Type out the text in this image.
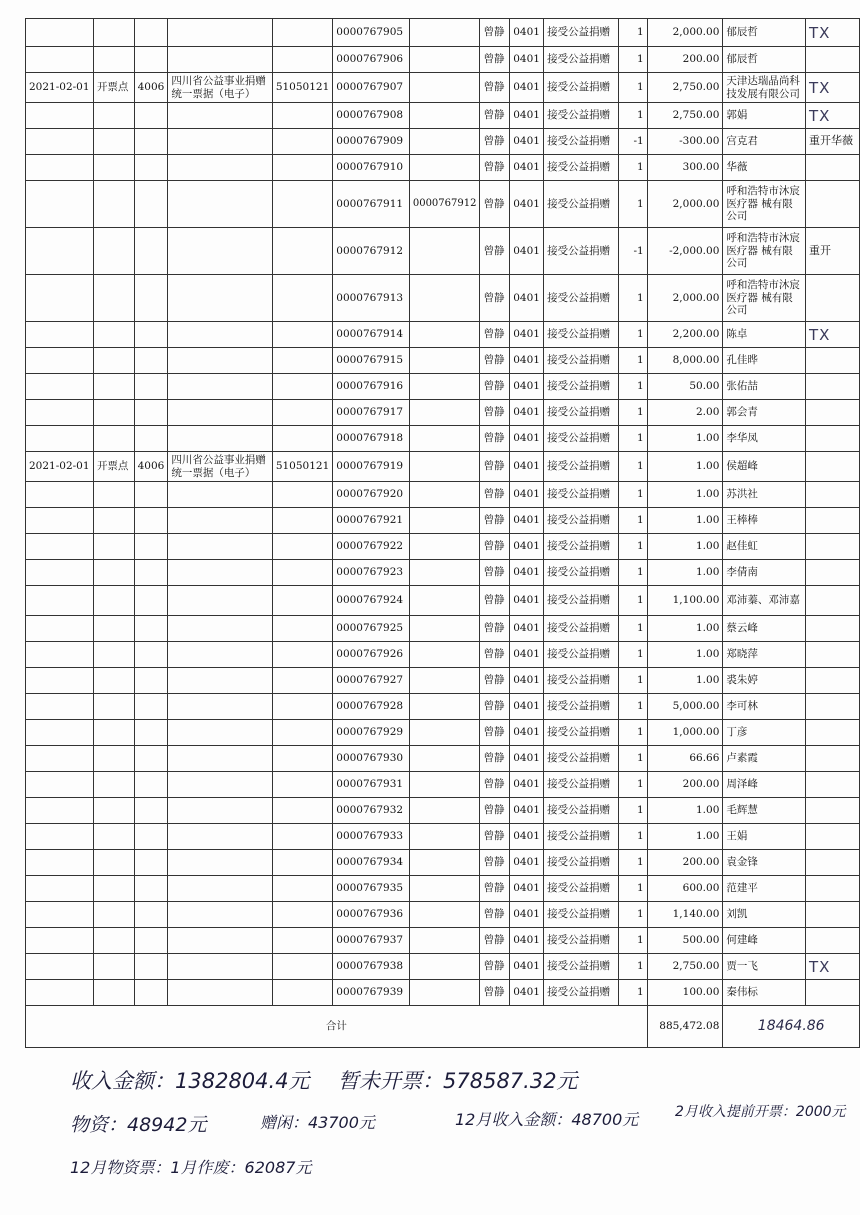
					0000767905		曾静	0401	接受公益捐赠	1	2,000.00	郁辰哲	TX
					0000767906		曾静	0401	接受公益捐赠	1	200.00	郁辰哲	

2021-02-01	开票点	4006	四川省公益事业捐赠统一票据（电子）	51050121	0000767907		曾静	0401	接受公益捐赠	1	2,750.00	天津达瑞晶尚科技发展有限公司	TX
					0000767908		曾静	0401	接受公益捐赠	1	2,750.00	郭娟	TX
					0000767909		曾静	0401	接受公益捐赠	-1	-300.00	宫克君	重开华薇
					0000767910		曾静	0401	接受公益捐赠	1	300.00	华薇	

					0000767911	0000767912	曾静	0401	接受公益捐赠	1	2,000.00	呼和浩特市沐宸医疗器 械有限公司	
					0000767912		曾静	0401	接受公益捐赠	-1	-2,000.00	呼和浩特市沐宸医疗器 械有限公司	重开
					0000767913		曾静	0401	接受公益捐赠	1	2,000.00	呼和浩特市沐宸医疗器 械有限公司	
					0000767914		曾静	0401	接受公益捐赠	1	2,200.00	陈卓	TX
					0000767915		曾静	0401	接受公益捐赠	1	8,000.00	孔佳晔	

					0000767916		曾静	0401	接受公益捐赠	1	50.00	张佑喆	

					0000767917		曾静	0401	接受公益捐赠	1	2.00	郭会青	

					0000767918		曾静	0401	接受公益捐赠	1	1.00	李华凤	

2021-02-01	开票点	4006	四川省公益事业捐赠统一票据（电子）	51050121	0000767919		曾静	0401	接受公益捐赠	1	1.00	侯超峰	

					0000767920		曾静	0401	接受公益捐赠	1	1.00	苏洪社	

					0000767921		曾静	0401	接受公益捐赠	1	1.00	王棒棒	

					0000767922		曾静	0401	接受公益捐赠	1	1.00	赵佳虹	

					0000767923		曾静	0401	接受公益捐赠	1	1.00	李倩南	

					0000767924		曾静	0401	接受公益捐赠	1	1,100.00	邓沛蓁、邓沛嘉	

					0000767925		曾静	0401	接受公益捐赠	1	1.00	蔡云峰	

					0000767926		曾静	0401	接受公益捐赠	1	1.00	郑晓萍	

					0000767927		曾静	0401	接受公益捐赠	1	1.00	裘朱婷	

					0000767928		曾静	0401	接受公益捐赠	1	5,000.00	李可林	

					0000767929		曾静	0401	接受公益捐赠	1	1,000.00	丁彦	

					0000767930		曾静	0401	接受公益捐赠	1	66.66	卢素霞	

					0000767931		曾静	0401	接受公益捐赠	1	200.00	周泽峰	

					0000767932		曾静	0401	接受公益捐赠	1	1.00	毛辉慧	

					0000767933		曾静	0401	接受公益捐赠	1	1.00	王娟	

					0000767934		曾静	0401	接受公益捐赠	1	200.00	袁金锋	

					0000767935		曾静	0401	接受公益捐赠	1	600.00	范建平	

					0000767936		曾静	0401	接受公益捐赠	1	1,140.00	刘凯	

					0000767937		曾静	0401	接受公益捐赠	1	500.00	何建峰	

					0000767938		曾静	0401	接受公益捐赠	1	2,750.00	贾一飞	TX
					0000767939		曾静	0401	接受公益捐赠	1	100.00	秦伟标	

合计											885,472.08	18464.86	
收入金额：1382804.4元 暂未开票：578587.32元
物资：48942元	赠闲：43700元	12月收入金额：48700元	2月收入提前开票：2000元
12月物资票：1月作废：62087元
